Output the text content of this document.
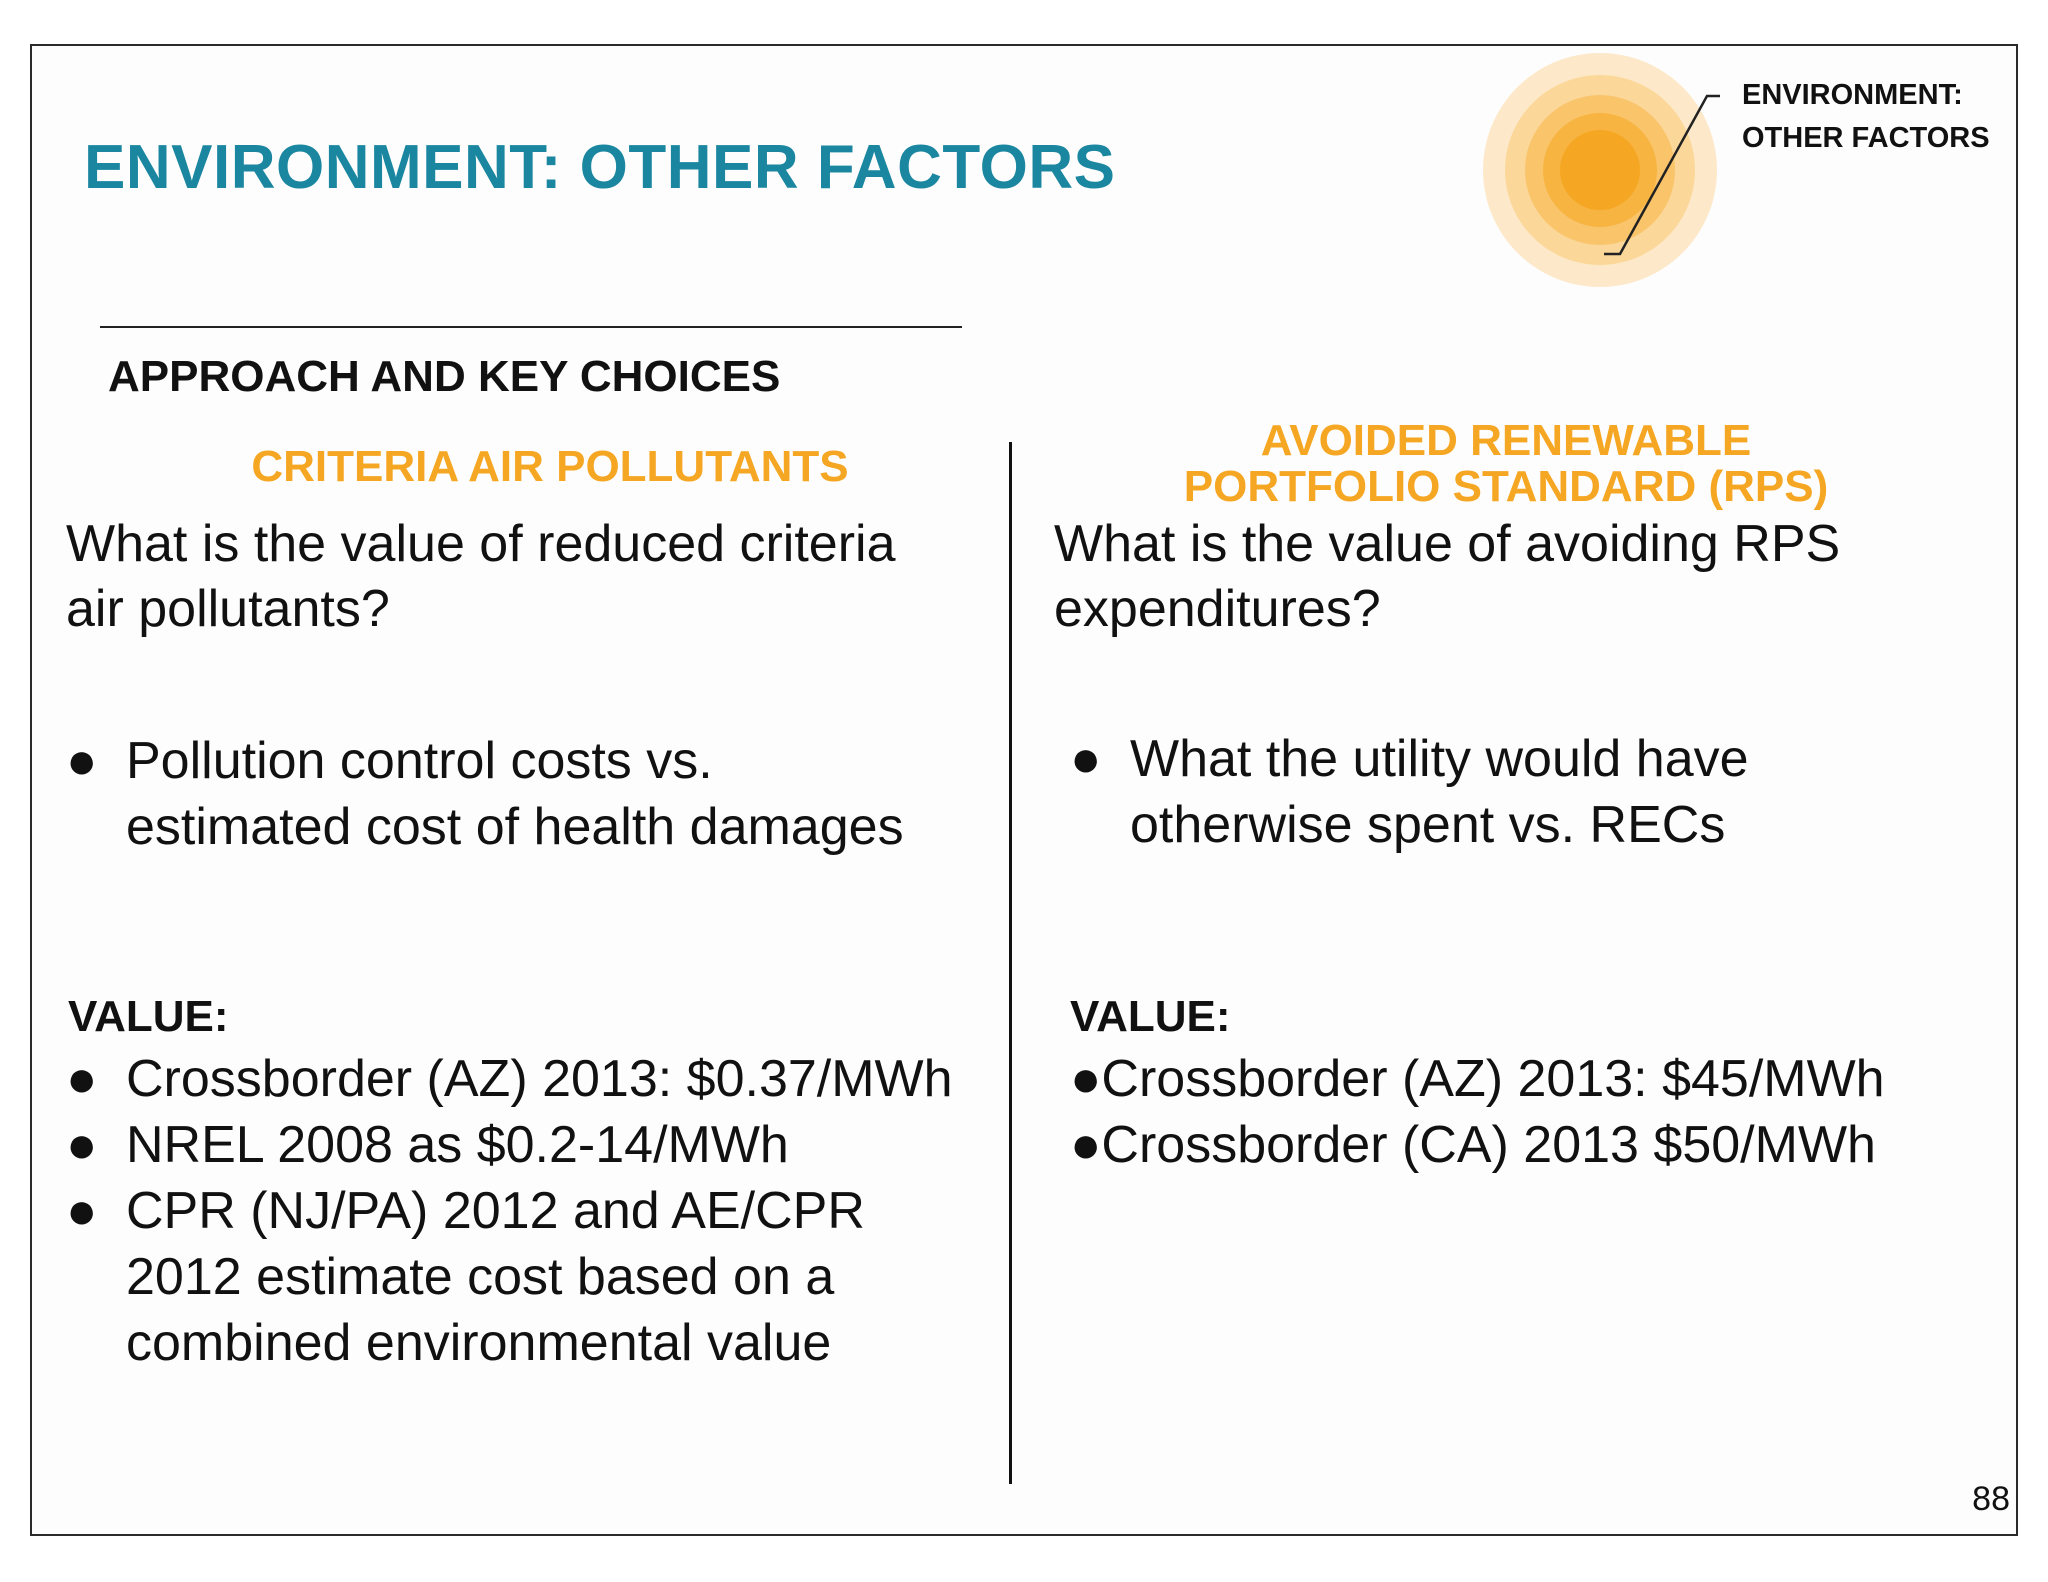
ENVIRONMENT: OTHER FACTORS
ENVIRONMENT:
OTHER FACTORS
APPROACH AND KEY CHOICES
CRITERIA AIR POLLUTANTS
What is the value of reduced criteria
air pollutants?
● Pollution control costs vs.
estimated cost of health damages
VALUE:
● Crossborder (AZ) 2013: $0.37/MWh
● NREL 2008 as $0.2-14/MWh
● CPR (NJ/PA) 2012 and AE/CPR
2012 estimate cost based on a
combined environmental value
AVOIDED RENEWABLE
PORTFOLIO STANDARD (RPS)
What is the value of avoiding RPS
expenditures?
● What the utility would have
otherwise spent vs. RECs
VALUE:
●Crossborder (AZ) 2013: $45/MWh
●Crossborder (CA) 2013 $50/MWh
88
